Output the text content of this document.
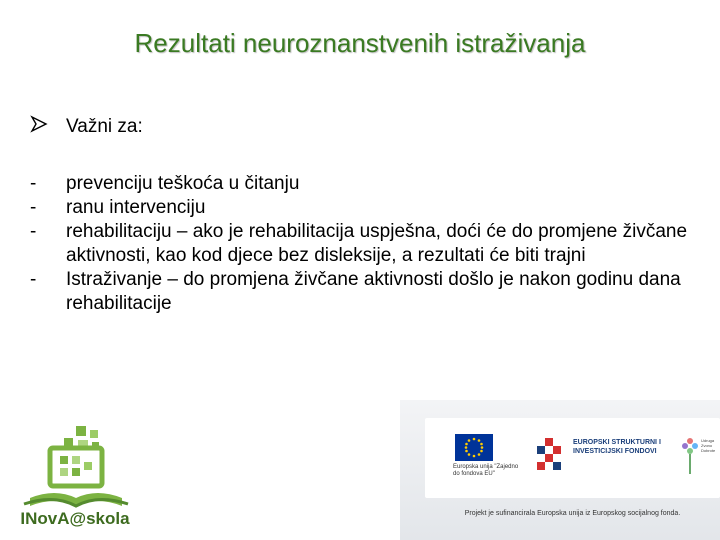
Rezultati neuroznanstvenih istraživanja
Važni za:
-	prevenciju teškoća u čitanju
-	ranu intervenciju
-	rehabilitaciju – ako je rehabilitacija uspješna, doći će do promjene živčane aktivnosti, kao kod djece bez disleksije, a rezultati će biti trajni
-	Istraživanje – do promjena živčane aktivnosti došlo je nakon godinu dana rehabilitacije
INovA@skola
Europska unija "Zajedno do fondova EU"
EUROPSKI STRUKTURNI I INVESTICIJSKI FONDOVI
Udruga Zvono Dobrote
Projekt je sufinancirala Europska unija iz Europskog socijalnog fonda.
